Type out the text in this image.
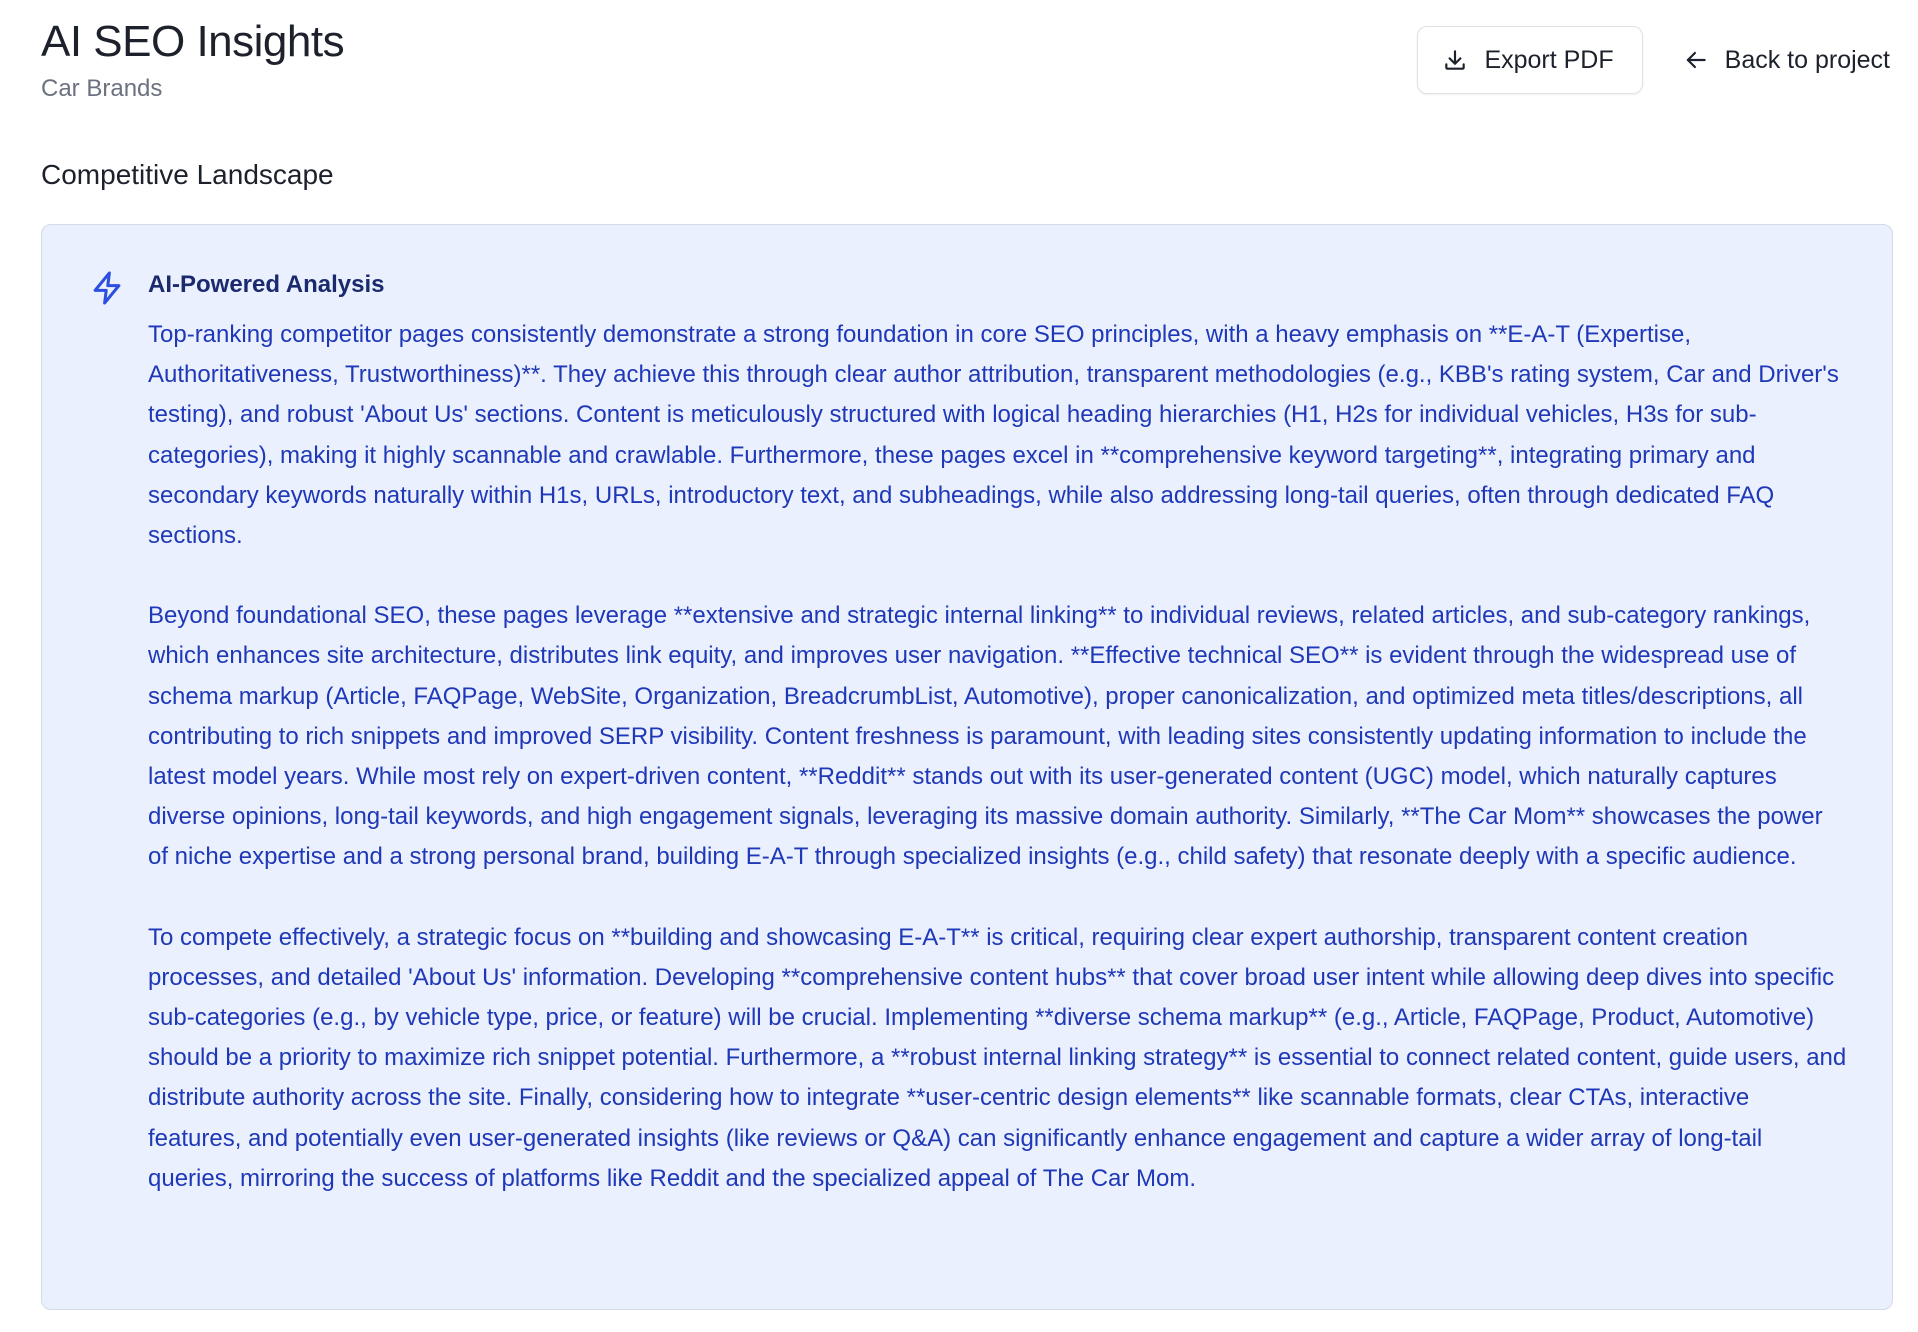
AI SEO Insights
Car Brands
Export PDF	Back to project
Competitive Landscape
AI-Powered Analysis

Top-ranking competitor pages consistently demonstrate a strong foundation in core SEO principles, with a heavy emphasis on **E-A-T (Expertise, Authoritativeness, Trustworthiness)**. They achieve this through clear author attribution, transparent methodologies (e.g., KBB's rating system, Car and Driver's testing), and robust 'About Us' sections. Content is meticulously structured with logical heading hierarchies (H1, H2s for individual vehicles, H3s for sub-categories), making it highly scannable and crawlable. Furthermore, these pages excel in **comprehensive keyword targeting**, integrating primary and secondary keywords naturally within H1s, URLs, introductory text, and subheadings, while also addressing long-tail queries, often through dedicated FAQ sections.

Beyond foundational SEO, these pages leverage **extensive and strategic internal linking** to individual reviews, related articles, and sub-category rankings, which enhances site architecture, distributes link equity, and improves user navigation. **Effective technical SEO** is evident through the widespread use of schema markup (Article, FAQPage, WebSite, Organization, BreadcrumbList, Automotive), proper canonicalization, and optimized meta titles/descriptions, all contributing to rich snippets and improved SERP visibility. Content freshness is paramount, with leading sites consistently updating information to include the latest model years. While most rely on expert-driven content, **Reddit** stands out with its user-generated content (UGC) model, which naturally captures diverse opinions, long-tail keywords, and high engagement signals, leveraging its massive domain authority. Similarly, **The Car Mom** showcases the power of niche expertise and a strong personal brand, building E-A-T through specialized insights (e.g., child safety) that resonate deeply with a specific audience.

To compete effectively, a strategic focus on **building and showcasing E-A-T** is critical, requiring clear expert authorship, transparent content creation processes, and detailed 'About Us' information. Developing **comprehensive content hubs** that cover broad user intent while allowing deep dives into specific sub-categories (e.g., by vehicle type, price, or feature) will be crucial. Implementing **diverse schema markup** (e.g., Article, FAQPage, Product, Automotive) should be a priority to maximize rich snippet potential. Furthermore, a **robust internal linking strategy** is essential to connect related content, guide users, and distribute authority across the site. Finally, considering how to integrate **user-centric design elements** like scannable formats, clear CTAs, interactive features, and potentially even user-generated insights (like reviews or Q&A) can significantly enhance engagement and capture a wider array of long-tail queries, mirroring the success of platforms like Reddit and the specialized appeal of The Car Mom.
